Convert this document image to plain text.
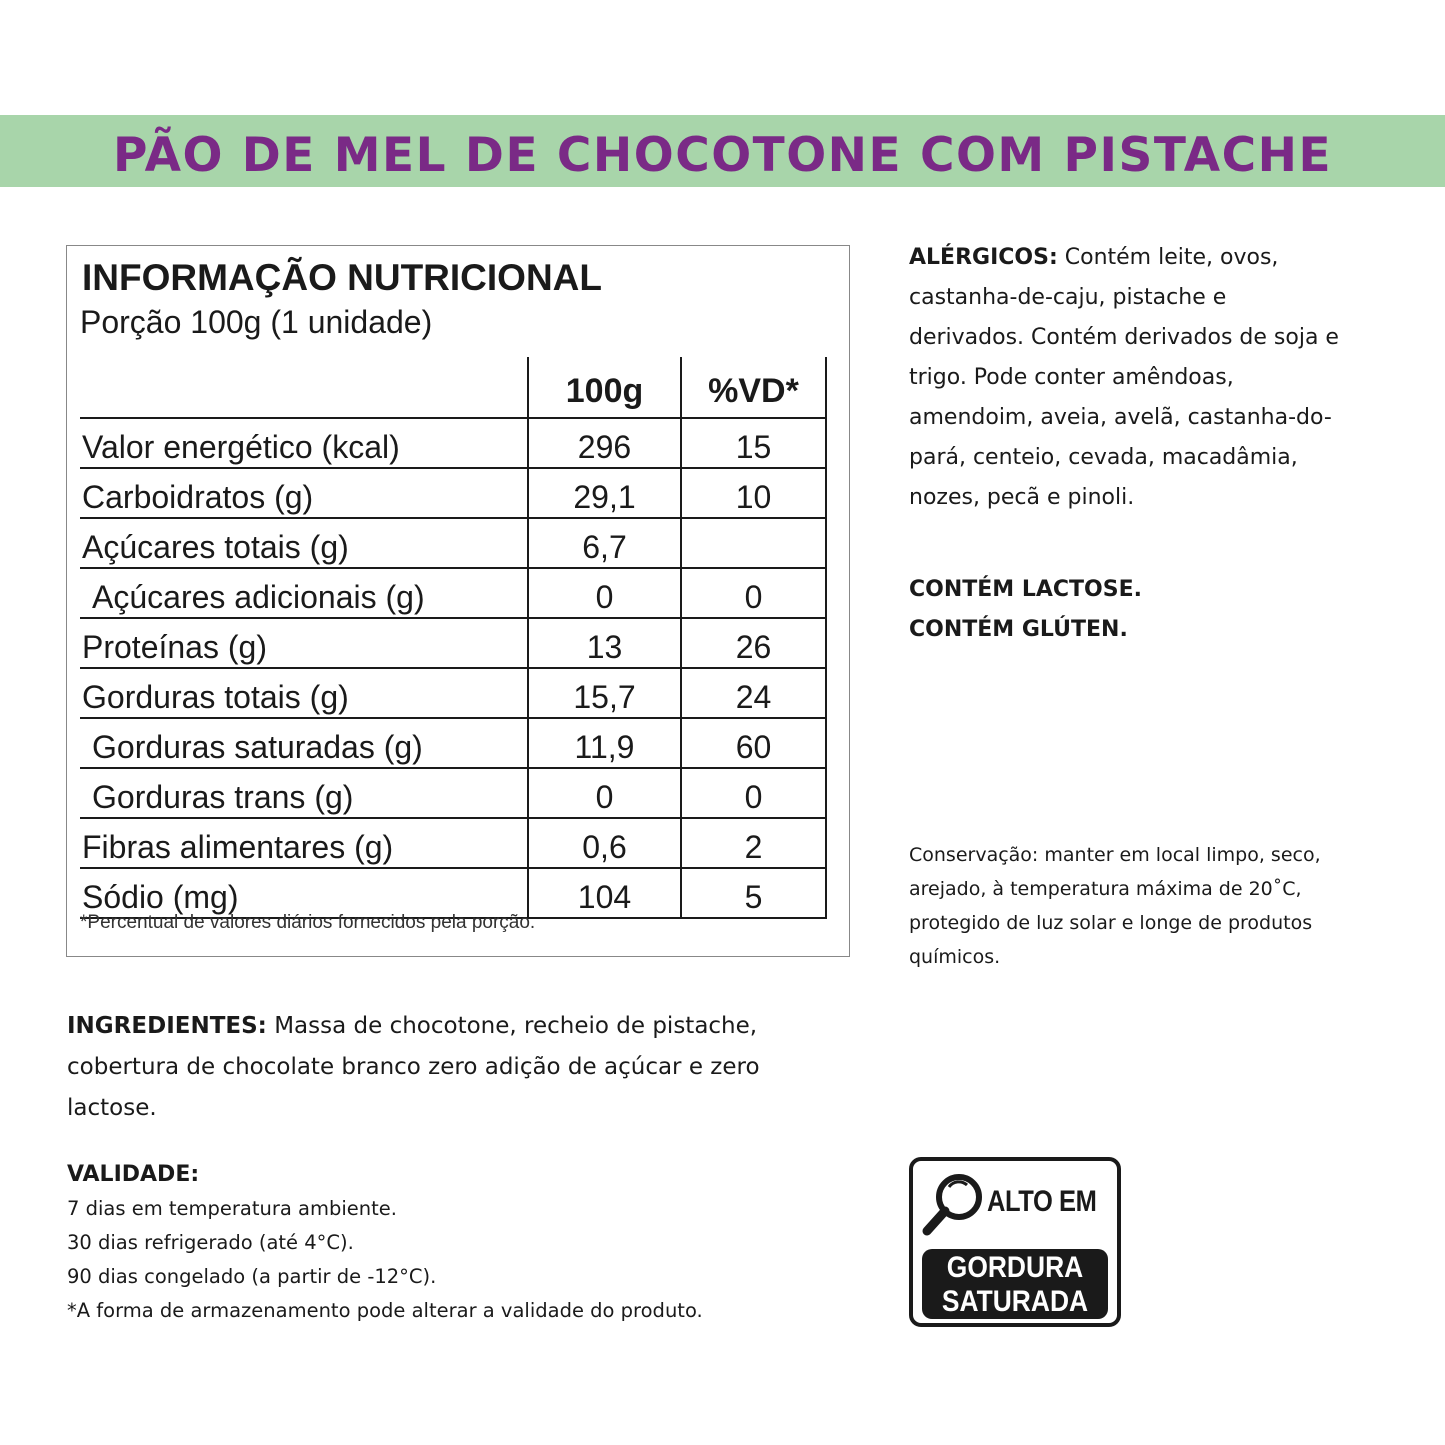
PÃO DE MEL DE CHOCOTONE COM PISTACHE
INFORMAÇÃO NUTRICIONAL
Porção 100g (1 unidade)
	100g	%VD*
Valor energético (kcal)	296	15
Carboidratos (g)	29,1	10
Açúcares totais (g)	6,7	
Açúcares adicionais (g)	0	0
Proteínas (g)	13	26
Gorduras totais (g)	15,7	24
Gorduras saturadas (g)	11,9	60
Gorduras trans (g)	0	0
Fibras alimentares (g)	0,6	2
Sódio (mg)	104	5
*Percentual de valores diários fornecidos pela porção.
ALÉRGICOS: Contém leite, ovos, castanha-de-caju, pistache e derivados. Contém derivados de soja e trigo. Pode conter amêndoas, amendoim, aveia, avelã, castanha-do-pará, centeio, cevada, macadâmia, nozes, pecã e pinoli.
CONTÉM LACTOSE.
CONTÉM GLÚTEN.
Conservação: manter em local limpo, seco, arejado, à temperatura máxima de 20˚C, protegido de luz solar e longe de produtos químicos.
INGREDIENTES: Massa de chocotone, recheio de pistache, cobertura de chocolate branco zero adição de açúcar e zero lactose.
VALIDADE:
7 dias em temperatura ambiente.
30 dias refrigerado (até 4°C).
90 dias congelado (a partir de -12°C).
*A forma de armazenamento pode alterar a validade do produto.
ALTO EM
GORDURA
SATURADA
